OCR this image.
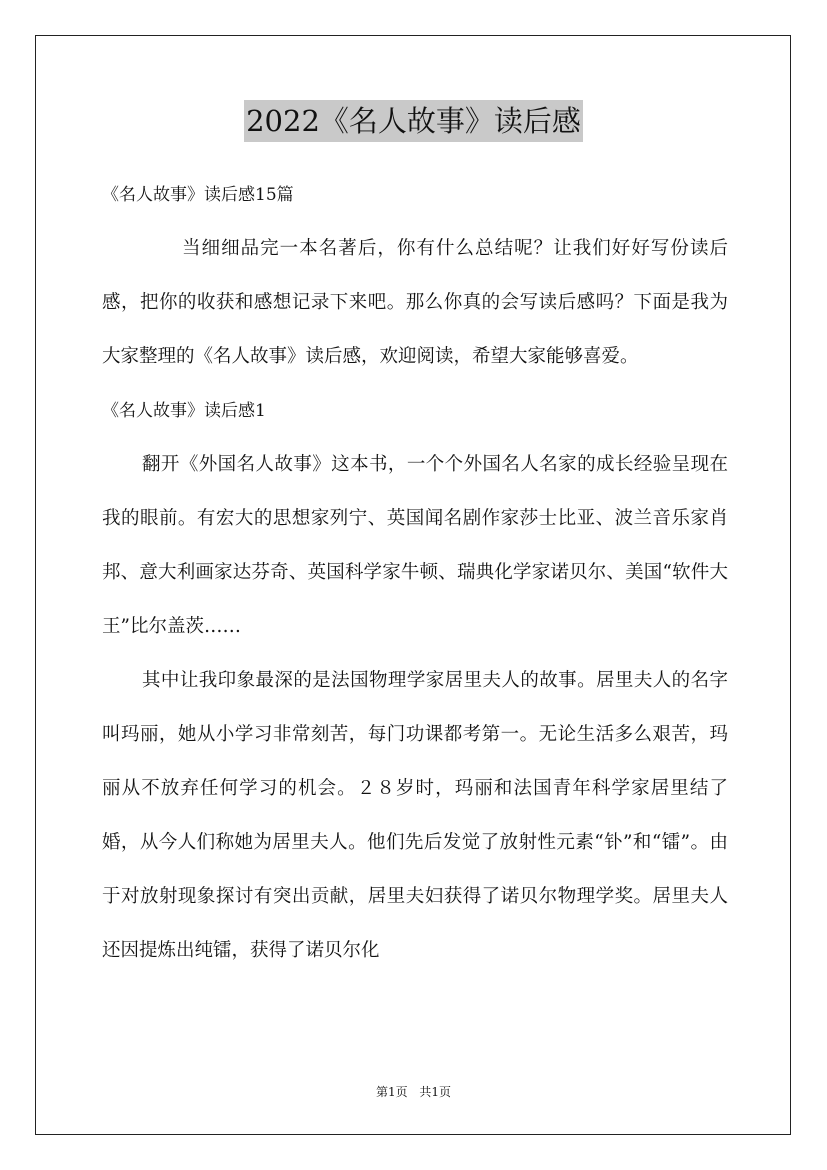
2022《名人故事》读后感

《名人故事》读后感15篇

当细细品完一本名著后，你有什么总结呢？让我们好好写份读后感，把你的收获和感想记录下来吧。那么你真的会写读后感吗？下面是我为大家整理的《名人故事》读后感，欢迎阅读，希望大家能够喜爱。

《名人故事》读后感1

翻开《外国名人故事》这本书，一个个外国名人名家的成长经验呈现在我的眼前。有宏大的思想家列宁、英国闻名剧作家莎士比亚、波兰音乐家肖邦、意大利画家达芬奇、英国科学家牛顿、瑞典化学家诺贝尔、美国“软件大王”比尔盖茨……

其中让我印象最深的是法国物理学家居里夫人的故事。居里夫人的名字叫玛丽，她从小学习非常刻苦，每门功课都考第一。无论生活多么艰苦，玛丽从不放弃任何学习的机会。２８岁时，玛丽和法国青年科学家居里结了婚，从今人们称她为居里夫人。他们先后发觉了放射性元素“钋”和“镭”。由于对放射现象探讨有突出贡献，居里夫妇获得了诺贝尔物理学奖。居里夫人还因提炼出纯镭，获得了诺贝尔化

第1页 共1页
